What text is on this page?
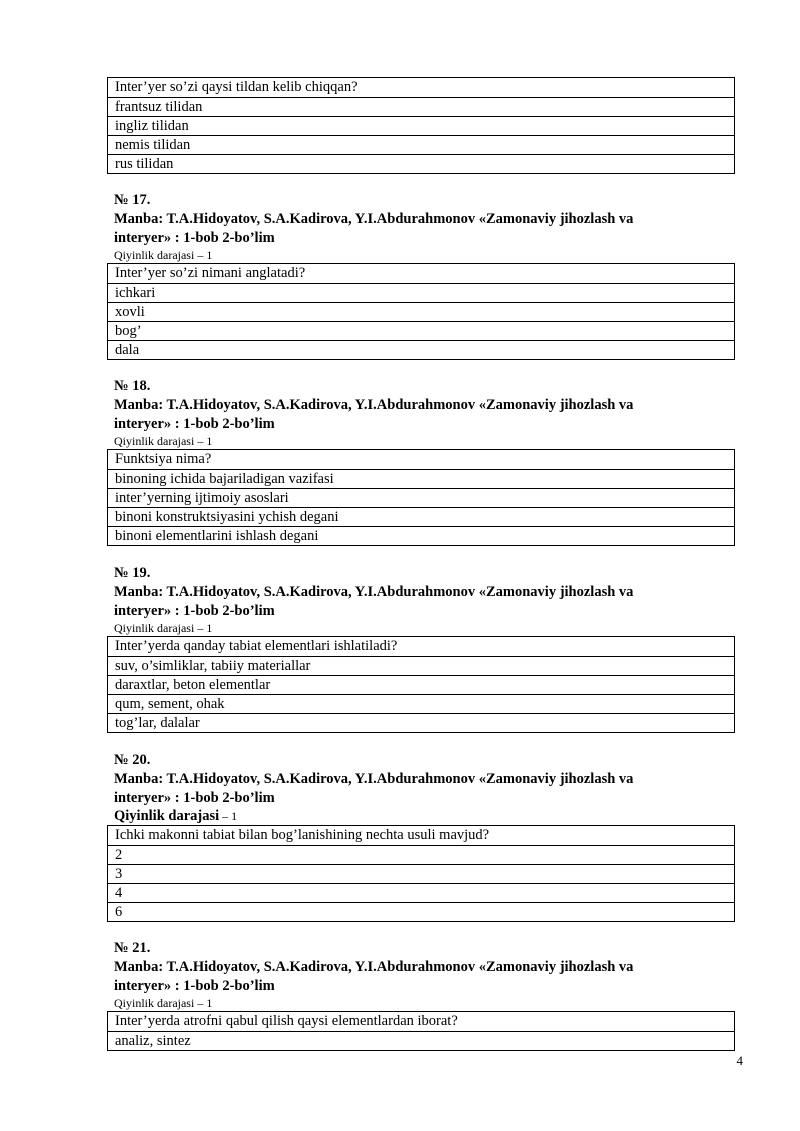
Inter’yer so’zi qaysi tildan kelib chiqqan?
frantsuz tilidan
ingliz tilidan
nemis tilidan
rus tilidan
№ 17.
Manba: T.A.Hidoyatov, S.A.Kadirova, Y.I.Abdurahmonov «Zamonaviy jihozlash va
interyer» : 1-bob 2-bo’lim
Qiyinlik darajasi – 1
Inter’yer so’zi nimani anglatadi?
ichkari
xovli
bog’
dala
№ 18.
Manba: T.A.Hidoyatov, S.A.Kadirova, Y.I.Abdurahmonov «Zamonaviy jihozlash va
interyer» : 1-bob 2-bo’lim
Qiyinlik darajasi – 1
Funktsiya nima?
binoning ichida bajariladigan vazifasi
inter’yerning ijtimoiy asoslari
binoni konstruktsiyasini ychish degani
binoni elementlarini ishlash degani
№ 19.
Manba: T.A.Hidoyatov, S.A.Kadirova, Y.I.Abdurahmonov «Zamonaviy jihozlash va
interyer» : 1-bob 2-bo’lim
Qiyinlik darajasi – 1
Inter’yerda qanday tabiat elementlari ishlatiladi?
suv, o’simliklar, tabiiy materiallar
daraxtlar, beton elementlar
qum, sement, ohak
tog’lar, dalalar
№ 20.
Manba: T.A.Hidoyatov, S.A.Kadirova, Y.I.Abdurahmonov «Zamonaviy jihozlash va
interyer» : 1-bob 2-bo’lim
Qiyinlik darajasi – 1
Ichki makonni tabiat bilan bog’lanishining nechta usuli mavjud?
2
3
4
6
№ 21.
Manba: T.A.Hidoyatov, S.A.Kadirova, Y.I.Abdurahmonov «Zamonaviy jihozlash va
interyer» : 1-bob 2-bo’lim
Qiyinlik darajasi – 1
Inter’yerda atrofni qabul qilish qaysi elementlardan iborat?
analiz, sintez
4
